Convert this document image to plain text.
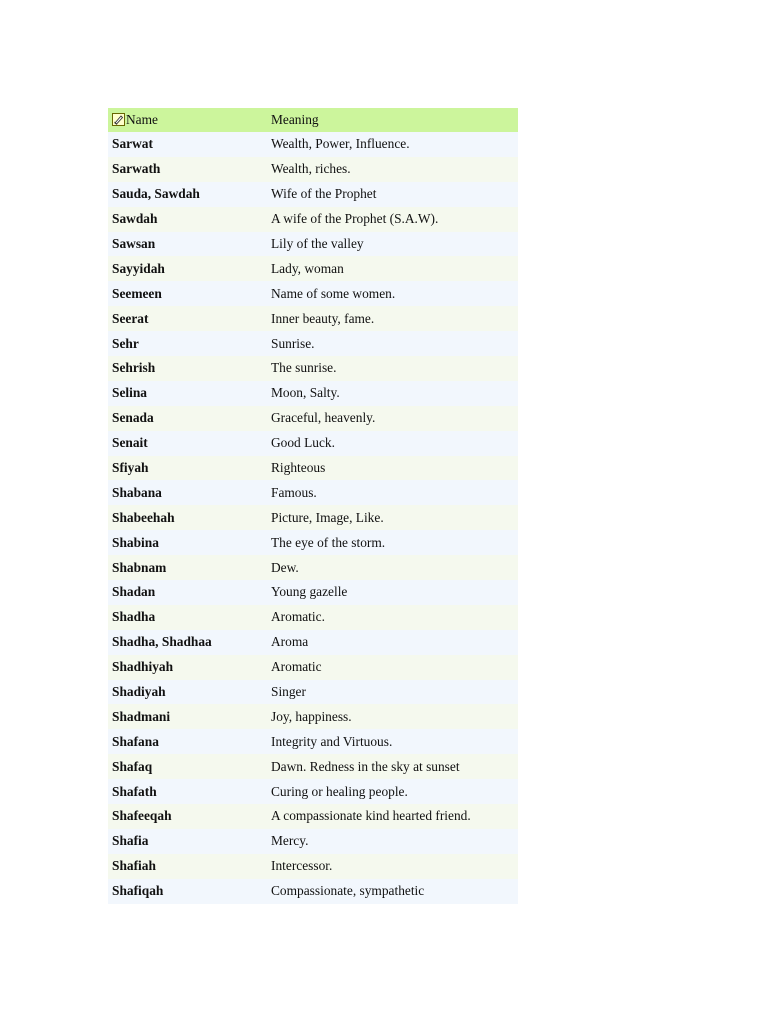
Name	Meaning
Sarwat	Wealth, Power, Influence.
Sarwath	Wealth, riches.
Sauda, Sawdah	Wife of the Prophet
Sawdah	A wife of the Prophet (S.A.W).
Sawsan	Lily of the valley
Sayyidah	Lady, woman
Seemeen	Name of some women.
Seerat	Inner beauty, fame.
Sehr	Sunrise.
Sehrish	The sunrise.
Selina	Moon, Salty.
Senada	Graceful, heavenly.
Senait	Good Luck.
Sfiyah	Righteous
Shabana	Famous.
Shabeehah	Picture, Image, Like.
Shabina	The eye of the storm.
Shabnam	Dew.
Shadan	Young gazelle
Shadha	Aromatic.
Shadha, Shadhaa	Aroma
Shadhiyah	Aromatic
Shadiyah	Singer
Shadmani	Joy, happiness.
Shafana	Integrity and Virtuous.
Shafaq	Dawn. Redness in the sky at sunset
Shafath	Curing or healing people.
Shafeeqah	A compassionate kind hearted friend.
Shafia	Mercy.
Shafiah	Intercessor.
Shafiqah	Compassionate, sympathetic
